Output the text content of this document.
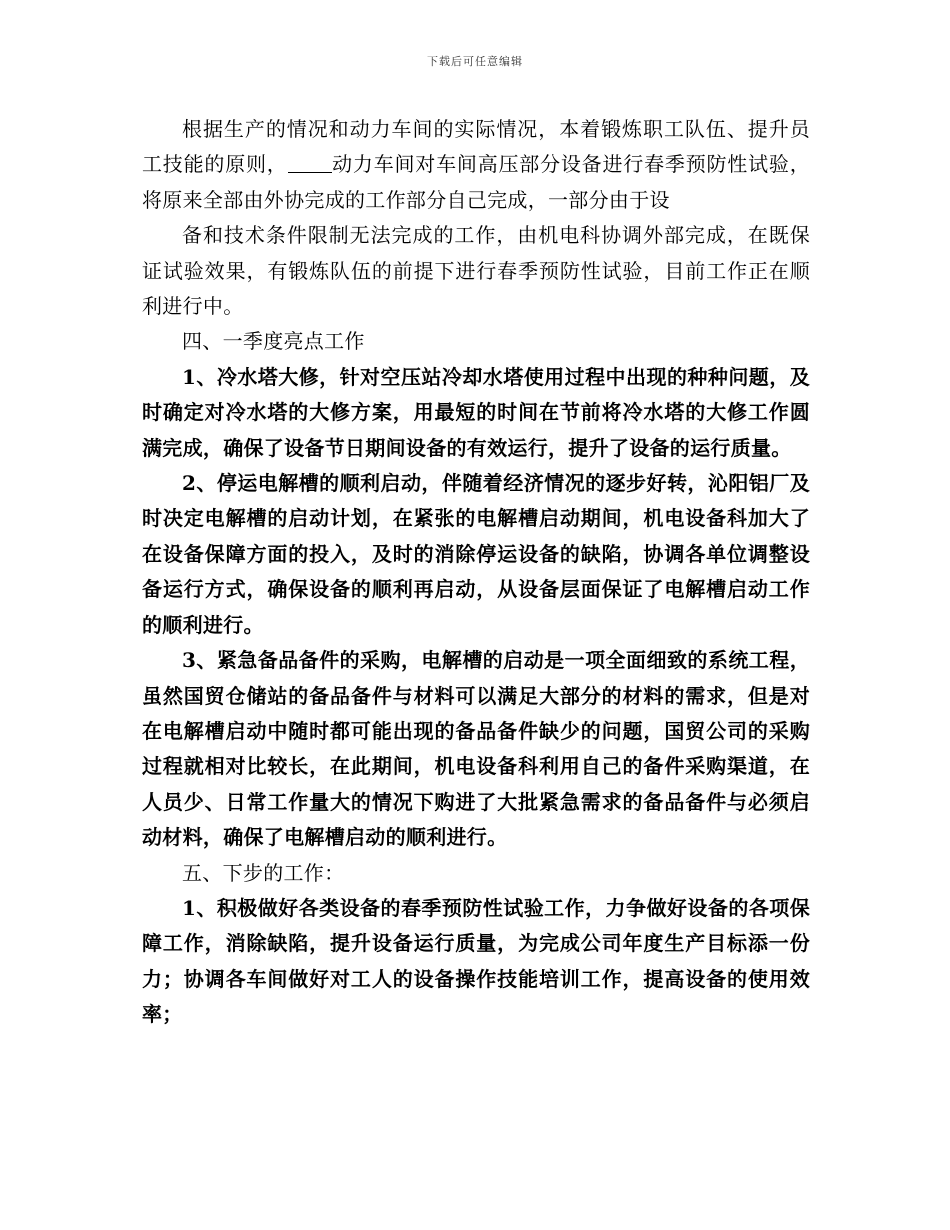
下载后可任意编辑

根据生产的情况和动力车间的实际情况，本着锻炼职工队伍、提升员工技能的原则， 动力车间对车间高压部分设备进行春季预防性试验，将原来全部由外协完成的工作部分自己完成，一部分由于设

备和技术条件限制无法完成的工作，由机电科协调外部完成，在既保证试验效果，有锻炼队伍的前提下进行春季预防性试验，目前工作正在顺利进行中。

四、一季度亮点工作

1、冷水塔大修，针对空压站冷却水塔使用过程中出现的种种问题，及时确定对冷水塔的大修方案，用最短的时间在节前将冷水塔的大修工作圆满完成，确保了设备节日期间设备的有效运行，提升了设备的运行质量。

2、停运电解槽的顺利启动，伴随着经济情况的逐步好转，沁阳铝厂及时决定电解槽的启动计划，在紧张的电解槽启动期间，机电设备科加大了在设备保障方面的投入，及时的消除停运设备的缺陷，协调各单位调整设备运行方式，确保设备的顺利再启动，从设备层面保证了电解槽启动工作的顺利进行。

3、紧急备品备件的采购，电解槽的启动是一项全面细致的系统工程，虽然国贸仓储站的备品备件与材料可以满足大部分的材料的需求，但是对在电解槽启动中随时都可能出现的备品备件缺少的问题，国贸公司的采购过程就相对比较长，在此期间，机电设备科利用自己的备件采购渠道，在人员少、日常工作量大的情况下购进了大批紧急需求的备品备件与必须启动材料，确保了电解槽启动的顺利进行。

五、下步的工作：

1、积极做好各类设备的春季预防性试验工作，力争做好设备的各项保障工作，消除缺陷，提升设备运行质量，为完成公司年度生产目标添一份力；协调各车间做好对工人的设备操作技能培训工作，提高设备的使用效率；
